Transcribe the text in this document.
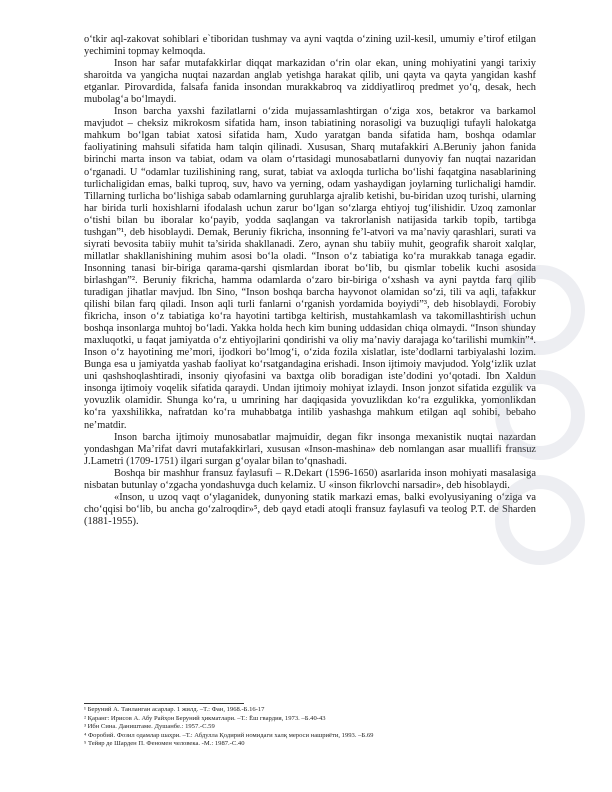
o‘tkir aql-zakovat sohiblari e`tiboridan tushmay va ayni vaqtda o‘zining uzil-kesil, umumiy e’tirof etilgan yechimini topmay kelmoqda.

Inson har safar mutafakkirlar diqqat markazidan o‘rin olar ekan, uning mohiyatini yangi tarixiy sharoitda va yangicha nuqtai nazardan anglab yetishga harakat qilib, uni qayta va qayta yangidan kashf etganlar. Pirovardida, falsafa fanida insondan murakkabroq va ziddiyatliroq predmet yo‘q, desak, hech mubolag‘a bo‘lmaydi.

Inson barcha yaxshi fazilatlarni o‘zida mujassamlashtirgan o‘ziga xos, betakror va barkamol mavjudot – cheksiz mikrokosm sifatida ham, inson tabiatining norasoligi va buzuqligi tufayli halokatga mahkum bo‘lgan tabiat xatosi sifatida ham, Xudo yaratgan banda sifatida ham, boshqa odamlar faoliyatining mahsuli sifatida ham talqin qilinadi. Xususan, Sharq mutafakkiri A.Beruniy jahon fanida birinchi marta inson va tabiat, odam va olam o‘rtasidagi munosabatlarni dunyoviy fan nuqtai nazaridan o‘rganadi. U “odamlar tuzilishining rang, surat, tabiat va axloqda turlicha bo‘lishi faqatgina nasablarining turlichaligidan emas, balki tuproq, suv, havo va yerning, odam yashaydigan joylarning turlichaligi hamdir. Tillarning turlicha bo‘lishiga sabab odamlarning guruhlarga ajralib ketishi, bu-biridan uzoq turishi, ularning har birida turli hoxishlarni ifodalash uchun zarur bo‘lgan so‘zlarga ehtiyoj tug‘ilishidir. Uzoq zamonlar o‘tishi bilan bu iboralar ko‘payib, yodda saqlangan va takrorlanish natijasida tarkib topib, tartibga tushgan”¹, deb hisoblaydi. Demak, Beruniy fikricha, insonning fe’l-atvori va ma’naviy qarashlari, surati va siyrati bevosita tabiiy muhit ta’sirida shakllanadi. Zero, aynan shu tabiiy muhit, geografik sharoit xalqlar, millatlar shakllanishining muhim asosi bo‘la oladi. “Inson o‘z tabiatiga ko‘ra murakkab tanaga egadir. Insonning tanasi bir-biriga qarama-qarshi qismlardan iborat bo‘lib, bu qismlar tobelik kuchi asosida birlashgan”². Beruniy fikricha, hamma odamlarda o‘zaro bir-biriga o‘xshash va ayni paytda farq qilib turadigan jihatlar mavjud. Ibn Sino, “Inson boshqa barcha hayvonot olamidan so‘zi, tili va aqli, tafakkur qilishi bilan farq qiladi. Inson aqli turli fanlarni o‘rganish yordamida boyiydi”³, deb hisoblaydi. Forobiy fikricha, inson o‘z tabiatiga ko‘ra hayotini tartibga keltirish, mustahkamlash va takomillashtirish uchun boshqa insonlarga muhtoj bo‘ladi. Yakka holda hech kim buning uddasidan chiqa olmaydi. “Inson shunday maxluqotki, u faqat jamiyatda o‘z ehtiyojlarini qondirishi va oliy ma’naviy darajaga ko‘tarilishi mumkin”⁴. Inson o‘z hayotining me’mori, ijodkori bo‘lmog‘i, o‘zida fozila xislatlar, iste’dodlarni tarbiyalashi lozim. Bunga esa u jamiyatda yashab faoliyat ko‘rsatgandagina erishadi. Inson ijtimoiy mavjudod. Yolg‘izlik uzlat uni qashshoqlashtiradi, insoniy qiyofasini va baxtga olib boradigan iste’dodini yo‘qotadi. Ibn Xaldun insonga ijtimoiy voqelik sifatida qaraydi. Undan ijtimoiy mohiyat izlaydi. Inson jonzot sifatida ezgulik va yovuzlik olamidir. Shunga ko‘ra, u umrining har daqiqasida yovuzlikdan ko‘ra ezgulikka, yomonlikdan ko‘ra yaxshilikka, nafratdan ko‘ra muhabbatga intilib yashashga mahkum etilgan aql sohibi, bebaho ne’matdir.

Inson barcha ijtimoiy munosabatlar majmuidir, degan fikr insonga mexanistik nuqtai nazardan yondashgan Ma’rifat davri mutafakkirlari, xususan «Inson-mashina» deb nomlangan asar muallifi fransuz J.Lametri (1709-1751) ilgari surgan g‘oyalar bilan to‘qnashadi.

Boshqa bir mashhur fransuz faylasufi – R.Dekart (1596-1650) asarlarida inson mohiyati masalasiga nisbatan butunlay o‘zgacha yondashuvga duch kelamiz. U «inson fikrlovchi narsadir», deb hisoblaydi.

«Inson, u uzoq vaqt o‘ylaganidek, dunyoning statik markazi emas, balki evolyusiyaning o‘ziga va cho‘qqisi bo‘lib, bu ancha go‘zalroqdir»⁵, deb qayd etadi atoqli fransuz faylasufi va teolog P.T. de Sharden (1881-1955).

¹ Беруний А. Танланган асарлар. 1 жилд. –Т.: Фан, 1968.-Б.16-17
² Қаранг: Ирисов А. Абу Райҳон Беруний ҳикматлари. –Т.: Ёш гвардия, 1973. –Б.40-43
³ Ибн Сина. Даништаме. Душанбе.: 1957.-С.59
⁴ Форобий. Фозил одамлар шаҳри. –Т.: Абдулла Қодирий номидаги халқ мероси нашриёти, 1993. –Б.69
⁵ Тейяр де Шарден П. Феномен человека. -М.: 1987.-С.40
